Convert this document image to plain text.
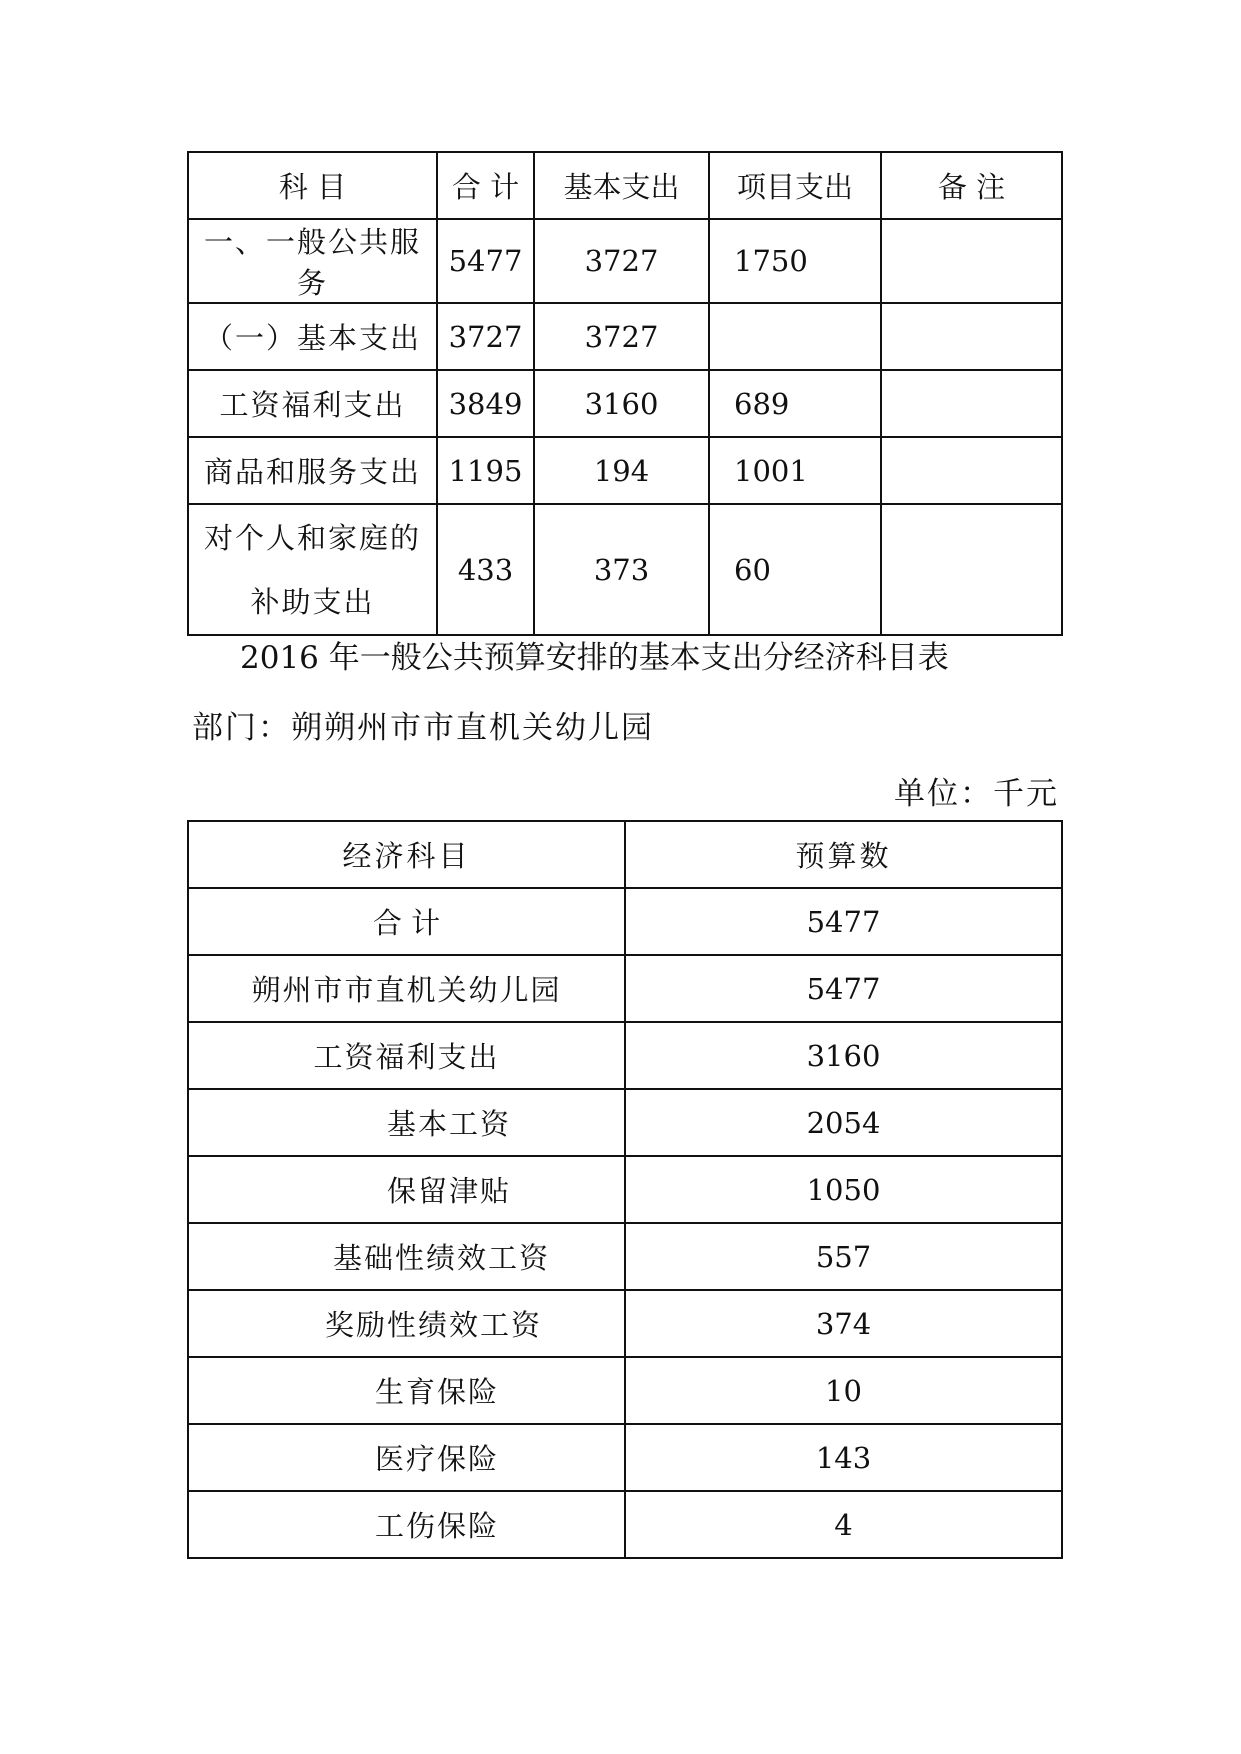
科 目	合 计	基本支出	项目支出	备 注
一、一般公共服务	5477	3727	1750	
（一）基本支出	3727	3727		
工资福利支出	3849	3160	689	
商品和服务支出	1195	194	1001	
对个人和家庭的补助支出	433	373	60	
2016 年一般公共预算安排的基本支出分经济科目表
部门：朔朔州市市直机关幼儿园
单位：千元
经济科目	预算数
合 计	5477
朔州市市直机关幼儿园	5477
工资福利支出	3160
基本工资	2054
保留津贴	1050
基础性绩效工资	557
奖励性绩效工资	374
生育保险	10
医疗保险	143
工伤保险	4
